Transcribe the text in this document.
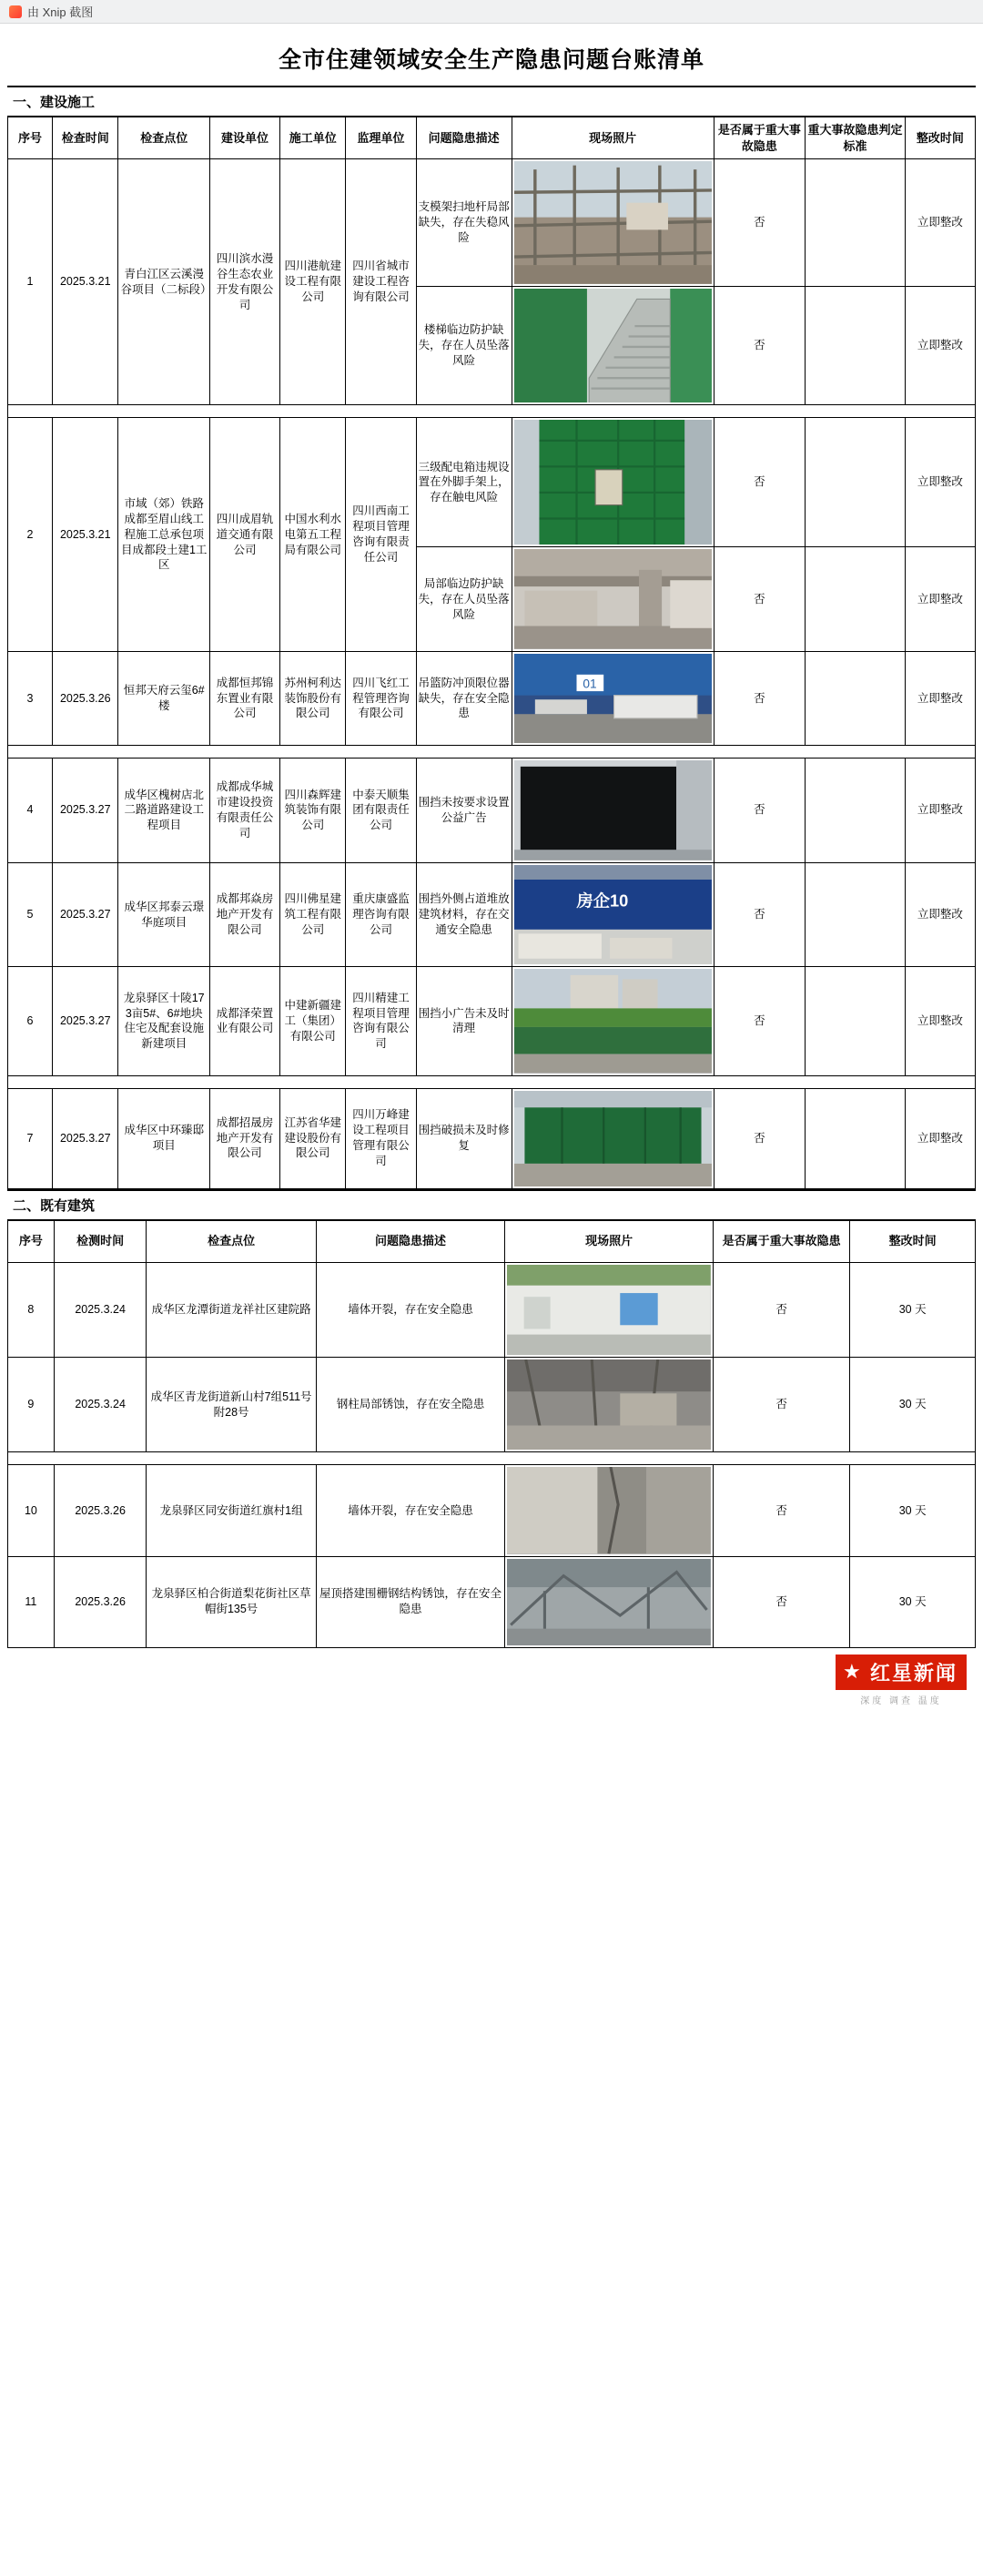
由 Xnip 截图
全市住建领域安全生产隐患问题台账清单
一、建设施工
序号	检查时间	检查点位	建设单位	施工单位	监理单位	问题隐患描述	现场照片	是否属于重大事故隐患	重大事故隐患判定标准	整改时间
1	2025.3.21	青白江区云溪漫谷项目（二标段）	四川滨水漫谷生态农业开发有限公司	四川港航建设工程有限公司	四川省城市建设工程咨询有限公司	支模架扫地杆局部缺失，存在失稳风险		否		立即整改
						楼梯临边防护缺失，存在人员坠落风险		否		立即整改

2	2025.3.21	市域（郊）铁路成都至眉山线工程施工总承包项目成都段土建1工区	四川成眉轨道交通有限公司	中国水利水电第五工程局有限公司	四川西南工程项目管理咨询有限责任公司	三级配电箱违规设置在外脚手架上，存在触电风险		否		立即整改
						局部临边防护缺失，存在人员坠落风险		否		立即整改
3	2025.3.26	恒邦天府云玺6#楼	成都恒邦锦东置业有限公司	苏州柯利达装饰股份有限公司	四川飞红工程管理咨询有限公司	吊篮防冲顶限位器缺失，存在安全隐患	01	否		立即整改

4	2025.3.27	成华区槐树店北二路道路建设工程项目	成都成华城市建设投资有限责任公司	四川森辉建筑装饰有限公司	中泰天顺集团有限责任公司	围挡未按要求设置公益广告		否		立即整改
5	2025.3.27	成华区邦泰云璟华庭项目	成都邦焱房地产开发有限公司	四川佛星建筑工程有限公司	重庆康盛监理咨询有限公司	围挡外侧占道堆放建筑材料，存在交通安全隐患	房企10	否		立即整改
6	2025.3.27	龙泉驿区十陵173亩5#、6#地块住宅及配套设施新建项目	成都泽荣置业有限公司	中建新疆建工（集团）有限公司	四川精建工程项目管理咨询有限公司	围挡小广告未及时清理		否		立即整改

7	2025.3.27	成华区中环臻邸项目	成都招晟房地产开发有限公司	江苏省华建建设股份有限公司	四川万峰建设工程项目管理有限公司	围挡破损未及时修复		否		立即整改
二、既有建筑
序号	检测时间	检查点位	问题隐患描述	现场照片	是否属于重大事故隐患	整改时间
8	2025.3.24	成华区龙潭街道龙祥社区建院路	墙体开裂，存在安全隐患		否	30 天
9	2025.3.24	成华区青龙街道新山村7组511号附28号	钢柱局部锈蚀，存在安全隐患		否	30 天

10	2025.3.26	龙泉驿区同安街道红旗村1组	墙体开裂，存在安全隐患		否	30 天
11	2025.3.26	龙泉驿区柏合街道梨花街社区草帽街135号	屋顶搭建围栅钢结构锈蚀，存在安全隐患		否	30 天
★ 红星新闻
深度 调查 温度
